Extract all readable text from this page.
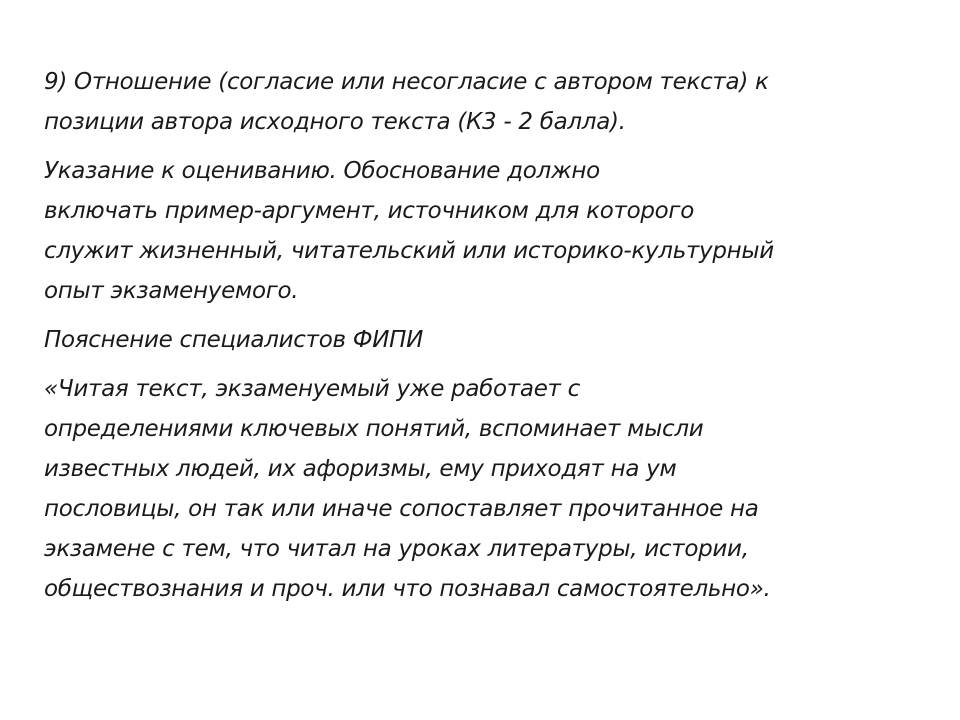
9) Отношение (согласие или несогласие с автором текста) к
позиции автора исходного текста (К3 - 2 балла).

Указание к оцениванию. Обоснование должно
включать пример-аргумент, источником для которого
служит жизненный, читательский или историко-культурный
опыт экзаменуемого.

Пояснение специалистов ФИПИ

«Читая текст, экзаменуемый уже работает с
определениями ключевых понятий, вспоминает мысли
известных людей, их афоризмы, ему приходят на ум
пословицы, он так или иначе сопоставляет прочитанное на
экзамене с тем, что читал на уроках литературы, истории,
обществознания и проч. или что познавал самостоятельно».
